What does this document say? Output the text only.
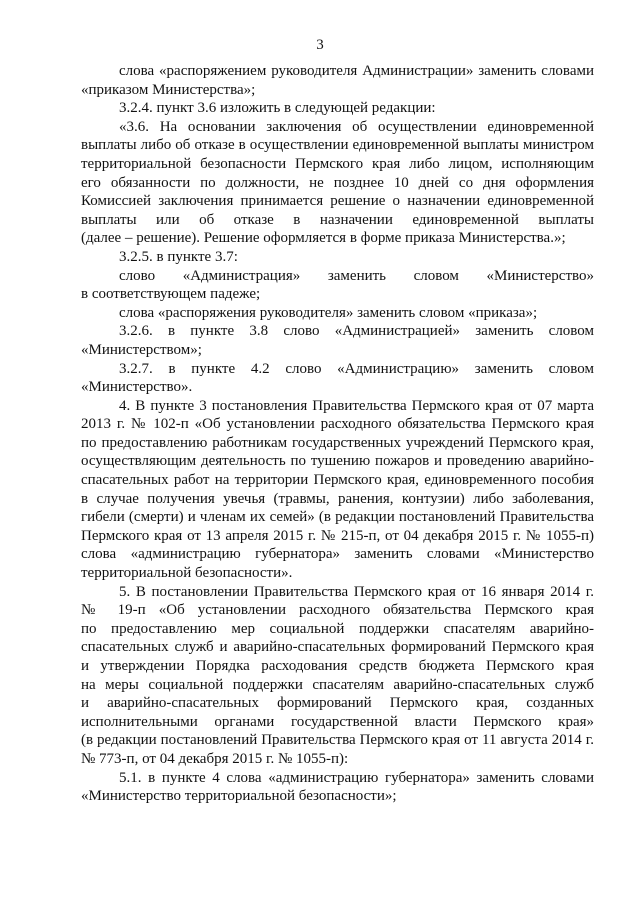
3
слова «распоряжением руководителя Администрации» заменить словами
«приказом Министерства»;
3.2.4. пункт 3.6 изложить в следующей редакции:
«3.6. На основании заключения об осуществлении единовременной
выплаты либо об отказе в осуществлении единовременной выплаты министром
территориальной безопасности Пермского края либо лицом, исполняющим
его обязанности по должности, не позднее 10 дней со дня оформления
Комиссией заключения принимается решение о назначении единовременной
выплаты или об отказе в назначении единовременной выплаты
(далее – решение). Решение оформляется в форме приказа Министерства.»;
3.2.5. в пункте 3.7:
слово «Администрация» заменить словом «Министерство»
в соответствующем падеже;
слова «распоряжения руководителя» заменить словом «приказа»;
3.2.6. в пункте 3.8 слово «Администрацией» заменить словом
«Министерством»;
3.2.7. в пункте 4.2 слово «Администрацию» заменить словом
«Министерство».
4. В пункте 3 постановления Правительства Пермского края от 07 марта
2013 г. № 102-п «Об установлении расходного обязательства Пермского края
по предоставлению работникам государственных учреждений Пермского края,
осуществляющим деятельность по тушению пожаров и проведению аварийно-
спасательных работ на территории Пермского края, единовременного пособия
в случае получения увечья (травмы, ранения, контузии) либо заболевания,
гибели (смерти) и членам их семей» (в редакции постановлений Правительства
Пермского края от 13 апреля 2015 г. № 215-п, от 04 декабря 2015 г. № 1055-п)
слова «администрацию губернатора» заменить словами «Министерство
территориальной безопасности».
5. В постановлении Правительства Пермского края от 16 января 2014 г.
№ 19-п «Об установлении расходного обязательства Пермского края
по предоставлению мер социальной поддержки спасателям аварийно-
спасательных служб и аварийно-спасательных формирований Пермского края
и утверждении Порядка расходования средств бюджета Пермского края
на меры социальной поддержки спасателям аварийно-спасательных служб
и аварийно-спасательных формирований Пермского края, созданных
исполнительными органами государственной власти Пермского края»
(в редакции постановлений Правительства Пермского края от 11 августа 2014 г.
№ 773-п, от 04 декабря 2015 г. № 1055-п):
5.1. в пункте 4 слова «администрацию губернатора» заменить словами
«Министерство территориальной безопасности»;
